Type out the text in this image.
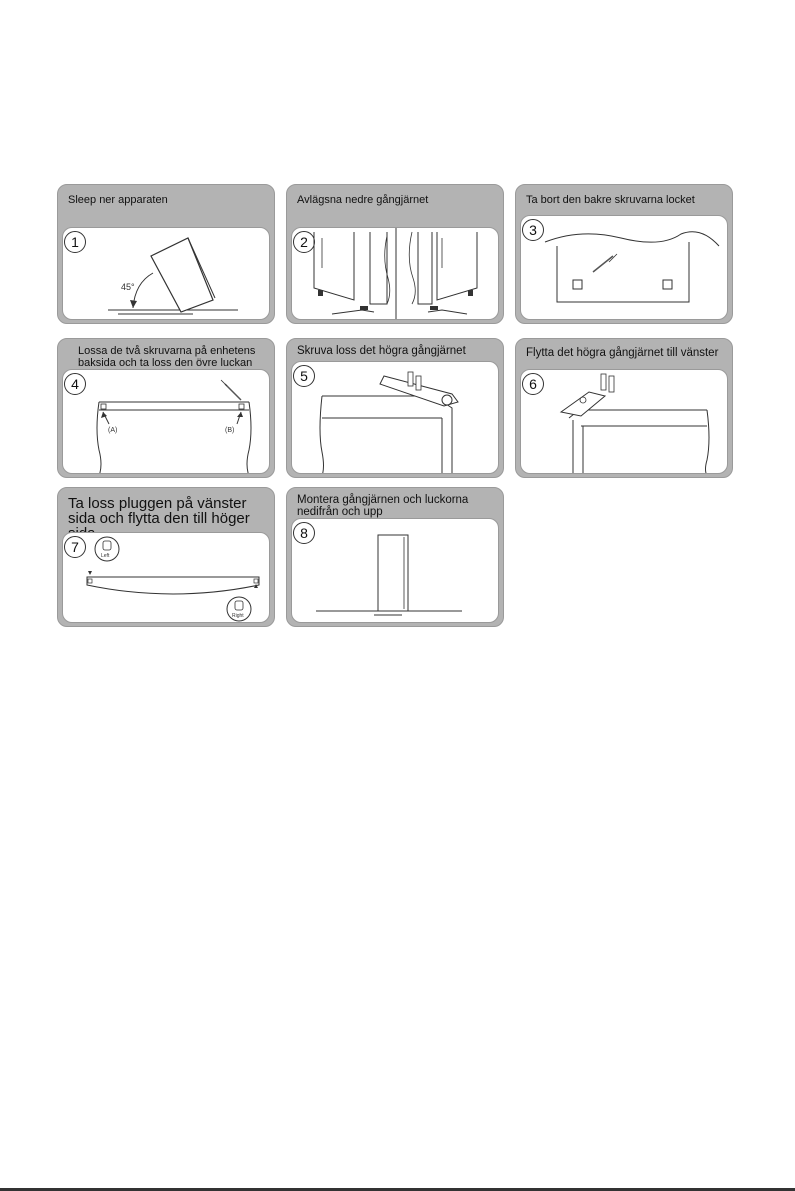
Sleep ner apparaten
1
45°
Avlägsna nedre gångjärnet
2
Ta bort den bakre skruvarna locket
3
Lossa de två skruvarna på enhetens baksida och ta loss den övre luckan
4
(A)	(B)
Skruva loss det högra gångjärnet
5
Flytta det högra gångjärnet till vänster
6
Ta loss pluggen på vänster sida och flytta den till höger
7
Left
Right
Montera gångjärnen och luckorna nedifrån och upp
8
